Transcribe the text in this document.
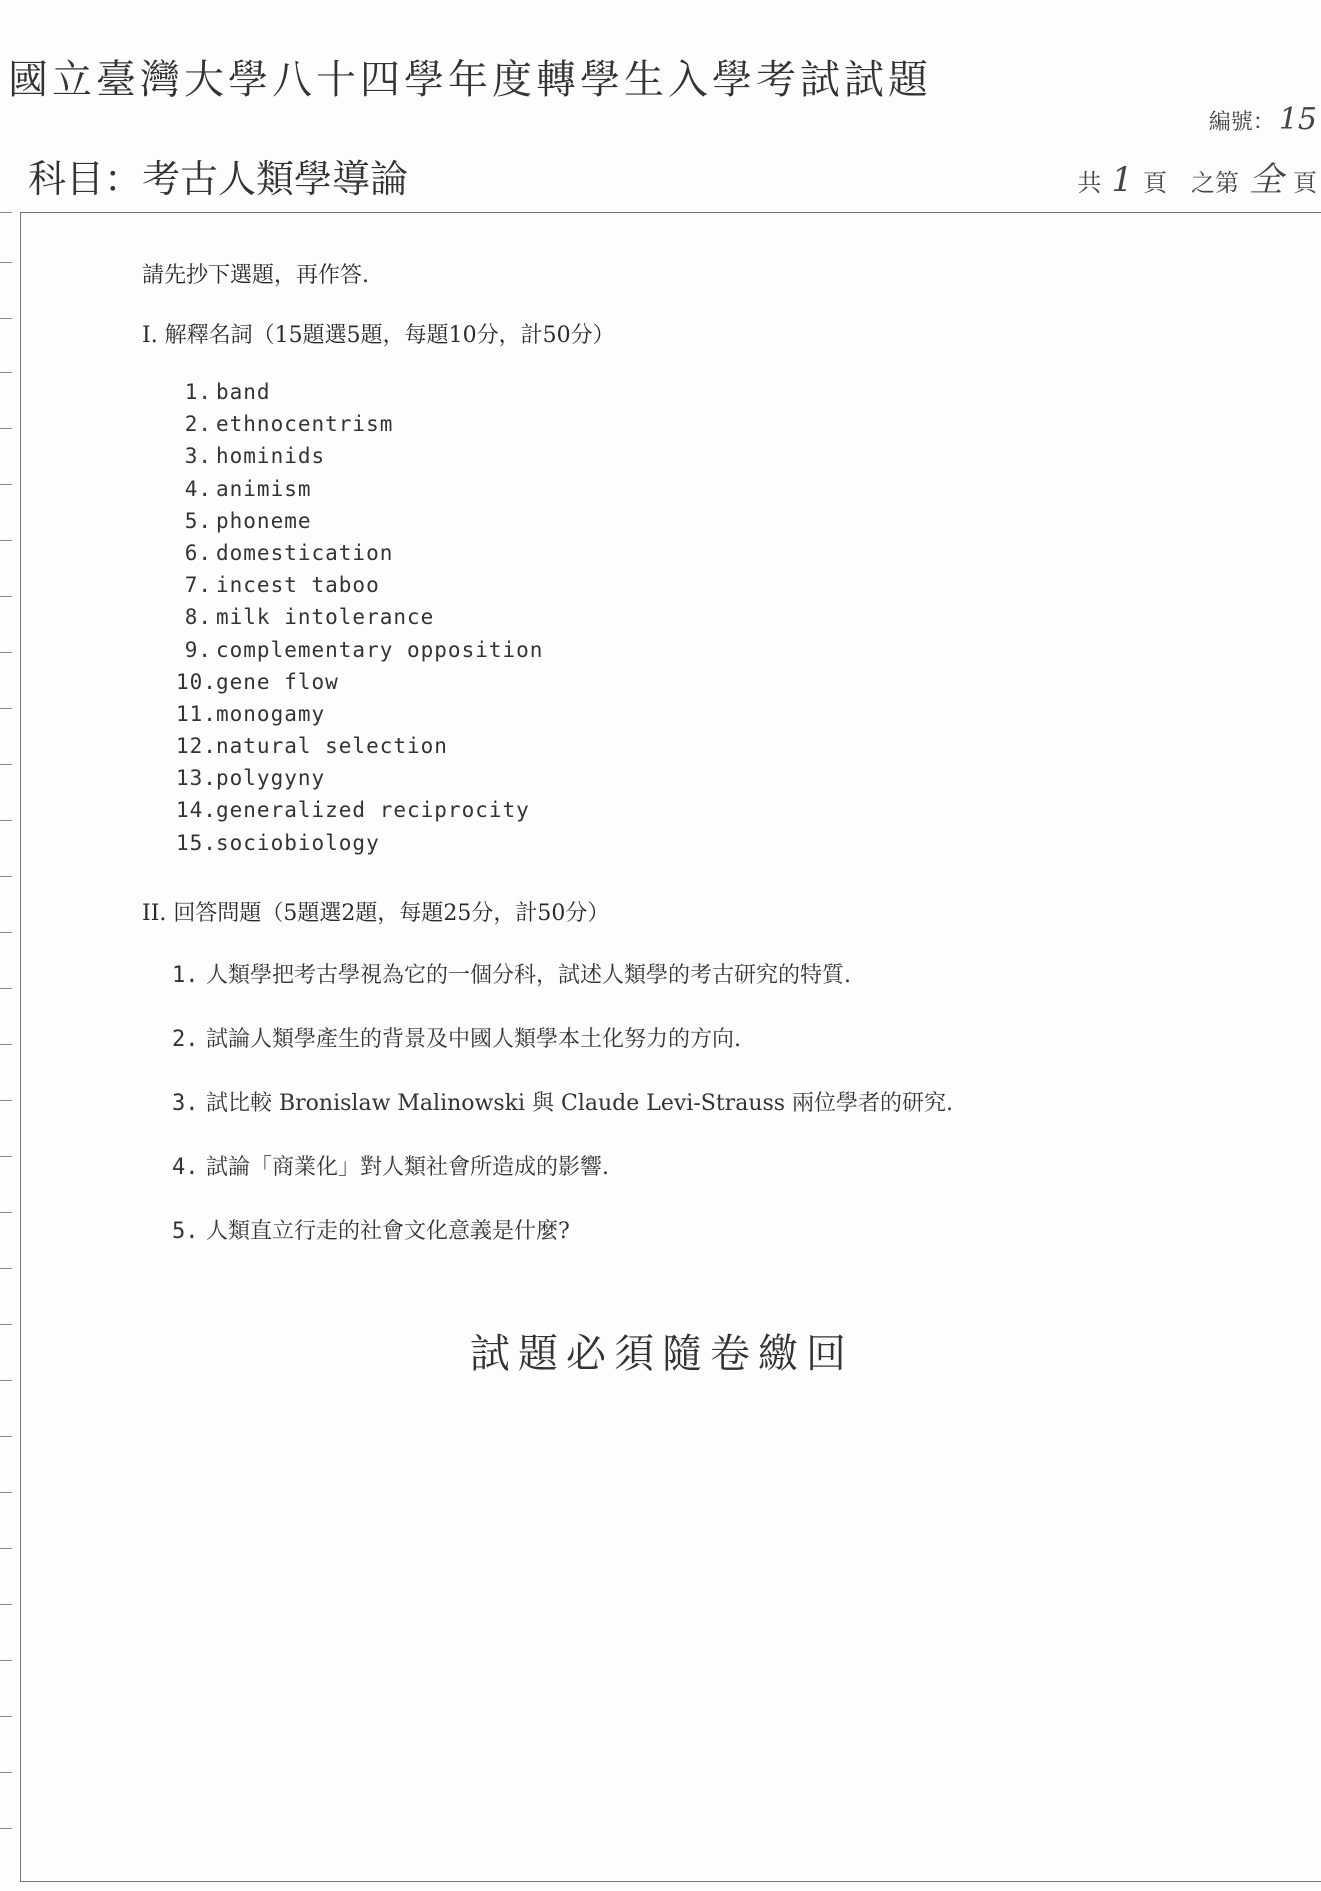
國立臺灣大學八十四學年度轉學生入學考試試題
編號： 15
科目：考古人類學導論	共 1 頁　之第 全 頁
請先抄下選題，再作答.
I. 解釋名詞（15題選5題，每題10分，計50分）
1. band
2. ethnocentrism
3. hominids
4. animism
5. phoneme
6. domestication
7. incest taboo
8. milk intolerance
9. complementary opposition
10.gene flow
11.monogamy
12.natural selection
13.polygyny
14.generalized reciprocity
15.sociobiology
II. 回答問題（5題選2題，每題25分，計50分）
1. 人類學把考古學視為它的一個分科，試述人類學的考古研究的特質.
2. 試論人類學產生的背景及中國人類學本土化努力的方向.
3. 試比較 Bronislaw Malinowski 與 Claude Levi-Strauss 兩位學者的研究.
4. 試論「商業化」對人類社會所造成的影響.
5. 人類直立行走的社會文化意義是什麼?
試題必須隨卷繳回
